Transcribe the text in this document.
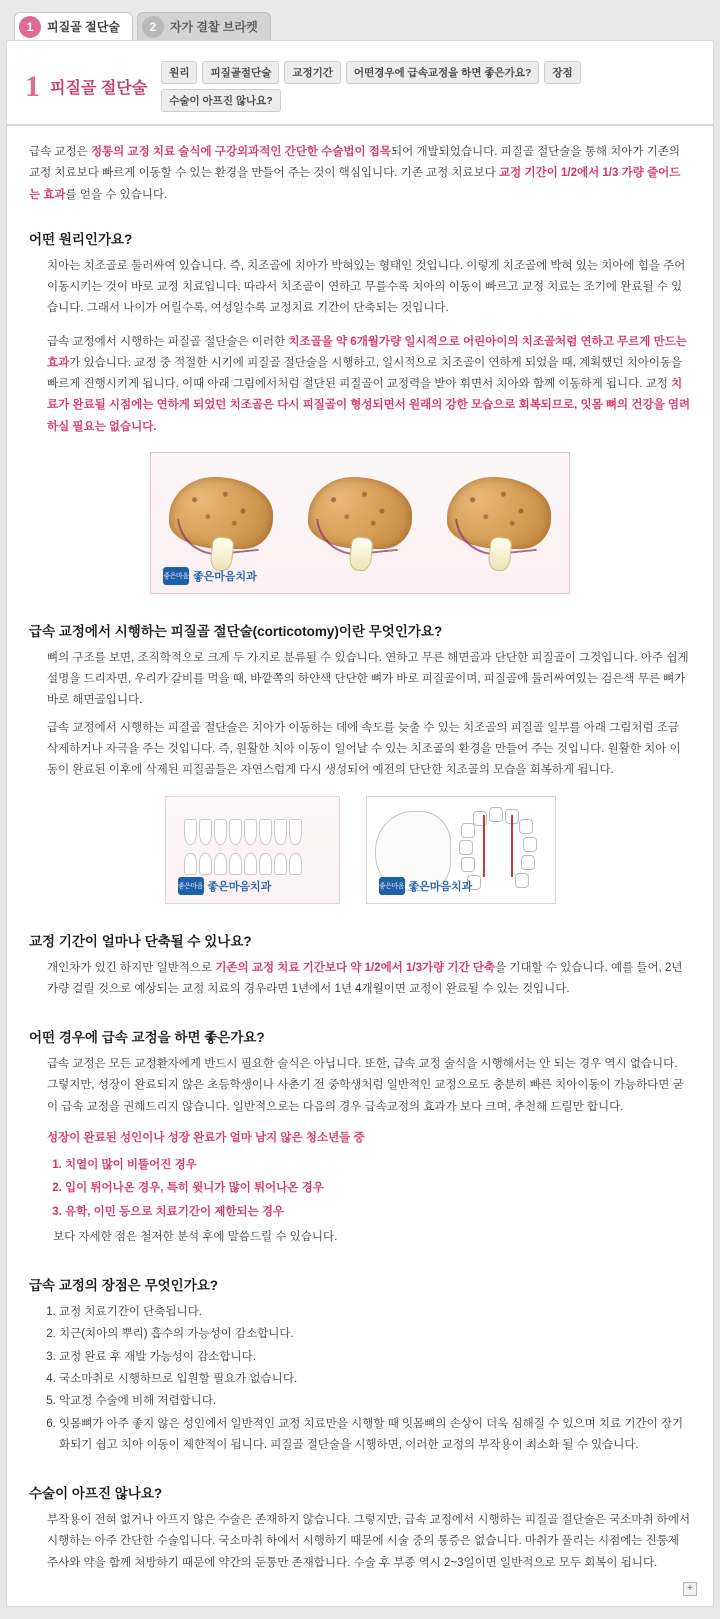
1	피질골 절단술	2	자가 결찰 브라켓
1 피질골 절단술
원리	피질골절단술	교정기간	어떤경우에 급속교정을 하면 좋은가요?	장점
수술이 아프진 않나요?

급속 교정은 정통의 교정 치료 술식에 구강외과적인 간단한 수술법이 접목되어 개발되었습니다. 피질골 절단술을 통해 치아가 기존의 교정 치료보다 빠르게 이동할 수 있는 환경을 만들어 주는 것이 핵심입니다. 기존 교정 치료보다 교정 기간이 1/2에서 1/3 가량 줄어드는 효과를 얻을 수 있습니다.

어떤 원리인가요?

치아는 치조골로 둘러싸여 있습니다. 즉, 치조골에 치아가 박혀있는 형태인 것입니다. 이렇게 치조골에 박혀 있는 치아에 힘을 주어 이동시키는 것이 바로 교정 치료입니다. 따라서 치조골이 연하고 무를수록 치아의 이동이 빠르고 교정 치료는 조기에 완료될 수 있습니다. 그래서 나이가 어릴수록, 여성일수록 교정치료 기간이 단축되는 것입니다.

급속 교정에서 시행하는 피질골 절단술은 이러한 치조골을 약 6개월가량 일시적으로 어린아이의 치조골처럼 연하고 무르게 만드는 효과가 있습니다. 교정 중 적절한 시기에 피질골 절단술을 시행하고, 일시적으로 치조골이 연하게 되었을 때, 계획했던 치아이동을 빠르게 진행시키게 됩니다. 이때 아래 그림에서처럼 절단된 피질골이 교정력을 받아 휘면서 치아와 함께 이동하게 됩니다. 교정 치료가 완료될 시점에는 연하게 되었던 치조골은 다시 피질골이 형성되면서 원래의 강한 모습으로 회복되므로, 잇몸 뼈의 건강을 염려하실 필요는 없습니다.

좋은마음 좋은마음치과
급속 교정에서 시행하는 피질골 절단술(corticotomy)이란 무엇인가요?

뼈의 구조를 보면, 조직학적으로 크게 두 가지로 분류될 수 있습니다. 연하고 무른 해면골과 단단한 피질골이 그것입니다. 아주 쉽게 설명을 드리자면, 우리가 갈비를 먹을 때, 바깥쪽의 하얀색 단단한 뼈가 바로 피질골이며, 피질골에 둘러싸여있는 검은색 무른 뼈가 바로 해면골입니다.

급속 교정에서 시행하는 피질골 절단술은 치아가 이동하는 데에 속도를 늦출 수 있는 치조골의 피질골 일부를 아래 그림처럼 조금 삭제하거나 자극을 주는 것입니다. 즉, 원활한 치아 이동이 일어날 수 있는 치조골의 환경을 만들어 주는 것입니다. 원활한 치아 이동이 완료된 이후에 삭제된 피질골들은 자연스럽게 다시 생성되어 예전의 단단한 치조골의 모습을 회복하게 됩니다.

좋은마음 좋은마음치과	좋은마음 좋은마음치과
교정 기간이 얼마나 단축될 수 있나요?

개인차가 있긴 하지만 일반적으로 기존의 교정 치료 기간보다 약 1/2에서 1/3가량 기간 단축을 기대할 수 있습니다. 예를 들어, 2년가량 걸릴 것으로 예상되는 교정 치료의 경우라면 1년에서 1년 4개월이면 교정이 완료될 수 있는 것입니다.

어떤 경우에 급속 교정을 하면 좋은가요?

급속 교정은 모든 교정환자에게 반드시 필요한 술식은 아닙니다. 또한, 급속 교정 술식을 시행해서는 안 되는 경우 역시 없습니다. 그렇지만, 성장이 완료되지 않은 초등학생이나 사춘기 전 중학생처럼 일반적인 교정으로도 충분히 빠른 치아이동이 가능하다면 굳이 급속 교정을 권해드리지 않습니다. 일반적으로는 다음의 경우 급속교정의 효과가 보다 크며, 추천해 드릴만 합니다.

성장이 완료된 성인이나 성장 완료가 얼마 남지 않은 청소년들 중

1. 치열이 많이 비뚤어진 경우
2. 입이 튀어나온 경우, 특히 윗니가 많이 튀어나온 경우
3. 유학, 이민 등으로 치료기간이 제한되는 경우

보다 자세한 점은 철저한 분석 후에 말씀드릴 수 있습니다.

급속 교정의 장점은 무엇인가요?
1. 교정 치료기간이 단축됩니다.
2. 치근(치아의 뿌리) 흡수의 가능성이 감소합니다.
3. 교정 완료 후 재발 가능성이 감소합니다.
4. 국소마취로 시행하므로 입원할 필요가 없습니다.
5. 악교정 수술에 비해 저렴합니다.
6. 잇몸뼈가 아주 좋지 않은 성인에서 일반적인 교정 치료만을 시행할 때 잇몸뼈의 손상이 더욱 심해질 수 있으며 치료 기간이 장기화되기 쉽고 치아 이동이 제한적이 됩니다. 피질골 절단술을 시행하면, 이러한 교정의 부작용이 최소화 될 수 있습니다.
수술이 아프진 않나요?

부작용이 전혀 없거나 아프지 않은 수술은 존재하지 않습니다. 그렇지만, 급속 교정에서 시행하는 피질골 절단술은 국소마취 하에서 시행하는 아주 간단한 수술입니다. 국소마취 하에서 시행하기 때문에 시술 중의 통증은 없습니다. 마취가 풀리는 시점에는 진통제 주사와 약을 함께 처방하기 때문에 약간의 둔통만 존재합니다. 수술 후 부종 역시 2~3일이면 일반적으로 모두 회복이 됩니다.

+
